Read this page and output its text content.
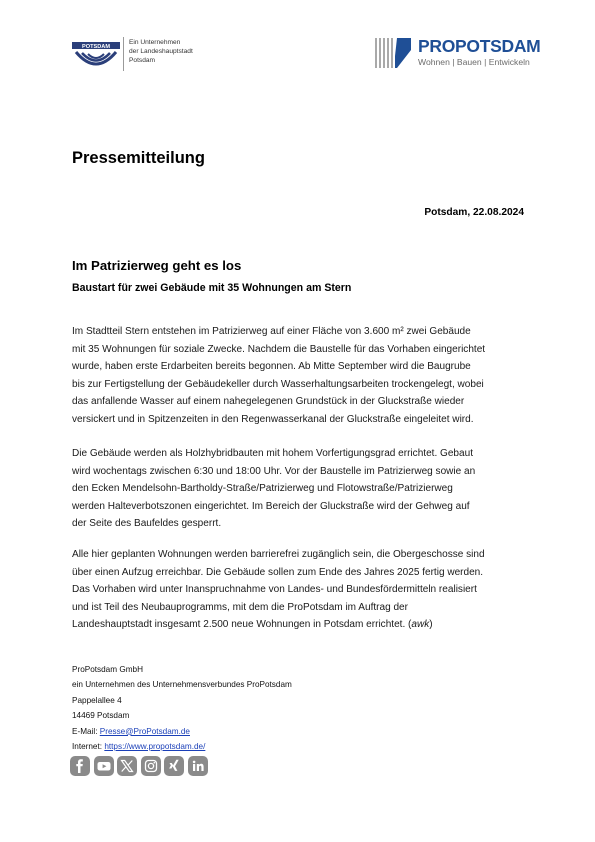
POTSDAM
Ein Unternehmen
der Landeshauptstadt
Potsdam
PROPOTSDAM
Wohnen | Bauen | Entwickeln
Pressemitteilung
Potsdam, 22.08.2024
Im Patrizierweg geht es los
Baustart für zwei Gebäude mit 35 Wohnungen am Stern
Im Stadtteil Stern entstehen im Patrizierweg auf einer Fläche von 3.600 m² zwei Gebäude
mit 35 Wohnungen für soziale Zwecke. Nachdem die Baustelle für das Vorhaben eingerichtet
wurde, haben erste Erdarbeiten bereits begonnen. Ab Mitte September wird die Baugrube
bis zur Fertigstellung der Gebäudekeller durch Wasserhaltungsarbeiten trockengelegt, wobei
das anfallende Wasser auf einem nahegelegenen Grundstück in der Gluckstraße wieder
versickert und in Spitzenzeiten in den Regenwasserkanal der Gluckstraße eingeleitet wird.
Die Gebäude werden als Holzhybridbauten mit hohem Vorfertigungsgrad errichtet. Gebaut
wird wochentags zwischen 6:30 und 18:00 Uhr. Vor der Baustelle im Patrizierweg sowie an
den Ecken Mendelsohn-Bartholdy-Straße/Patrizierweg und Flotowstraße/Patrizierweg
werden Halteverbotszonen eingerichtet. Im Bereich der Gluckstraße wird der Gehweg auf
der Seite des Baufeldes gesperrt.
Alle hier geplanten Wohnungen werden barrierefrei zugänglich sein, die Obergeschosse sind
über einen Aufzug erreichbar. Die Gebäude sollen zum Ende des Jahres 2025 fertig werden.
Das Vorhaben wird unter Inanspruchnahme von Landes- und Bundesfördermitteln realisiert
und ist Teil des Neubauprogramms, mit dem die ProPotsdam im Auftrag der
Landeshauptstadt insgesamt 2.500 neue Wohnungen in Potsdam errichtet. (awk)
ProPotsdam GmbH
ein Unternehmen des Unternehmensverbundes ProPotsdam
Pappelallee 4
14469 Potsdam
E-Mail: Presse@ProPotsdam.de
Internet: https://www.propotsdam.de/
